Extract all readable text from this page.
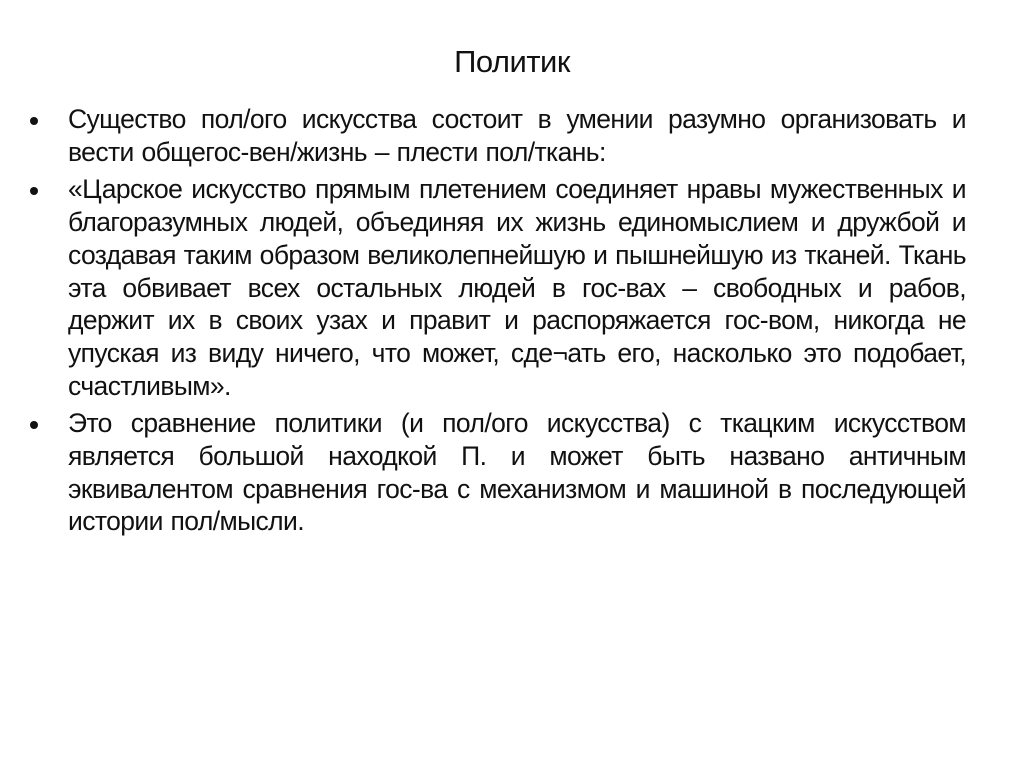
Политик
Существо пол/ого искусства состоит в умении разумно организовать и вести общегос-вен/жизнь – плести пол/ткань:
«Царское искусство прямым плетением соединяет нравы мужественных и благоразумных людей, объединяя их жизнь единомыслием и дружбой и создавая таким образом великолепнейшую и пышнейшую из тканей. Ткань эта обвивает всех остальных людей в гос-вах – свободных и рабов, держит их в своих узах и правит и распоряжается гос-вом, никогда не упуская из виду ничего, что может, сде¬ать его, насколько это подобает, счастливым».
Это сравнение политики (и пол/ого искусства) с ткацким искусством является большой находкой П. и может быть названо античным эквивалентом сравнения гос-ва с механизмом и машиной в последующей истории пол/мысли.
